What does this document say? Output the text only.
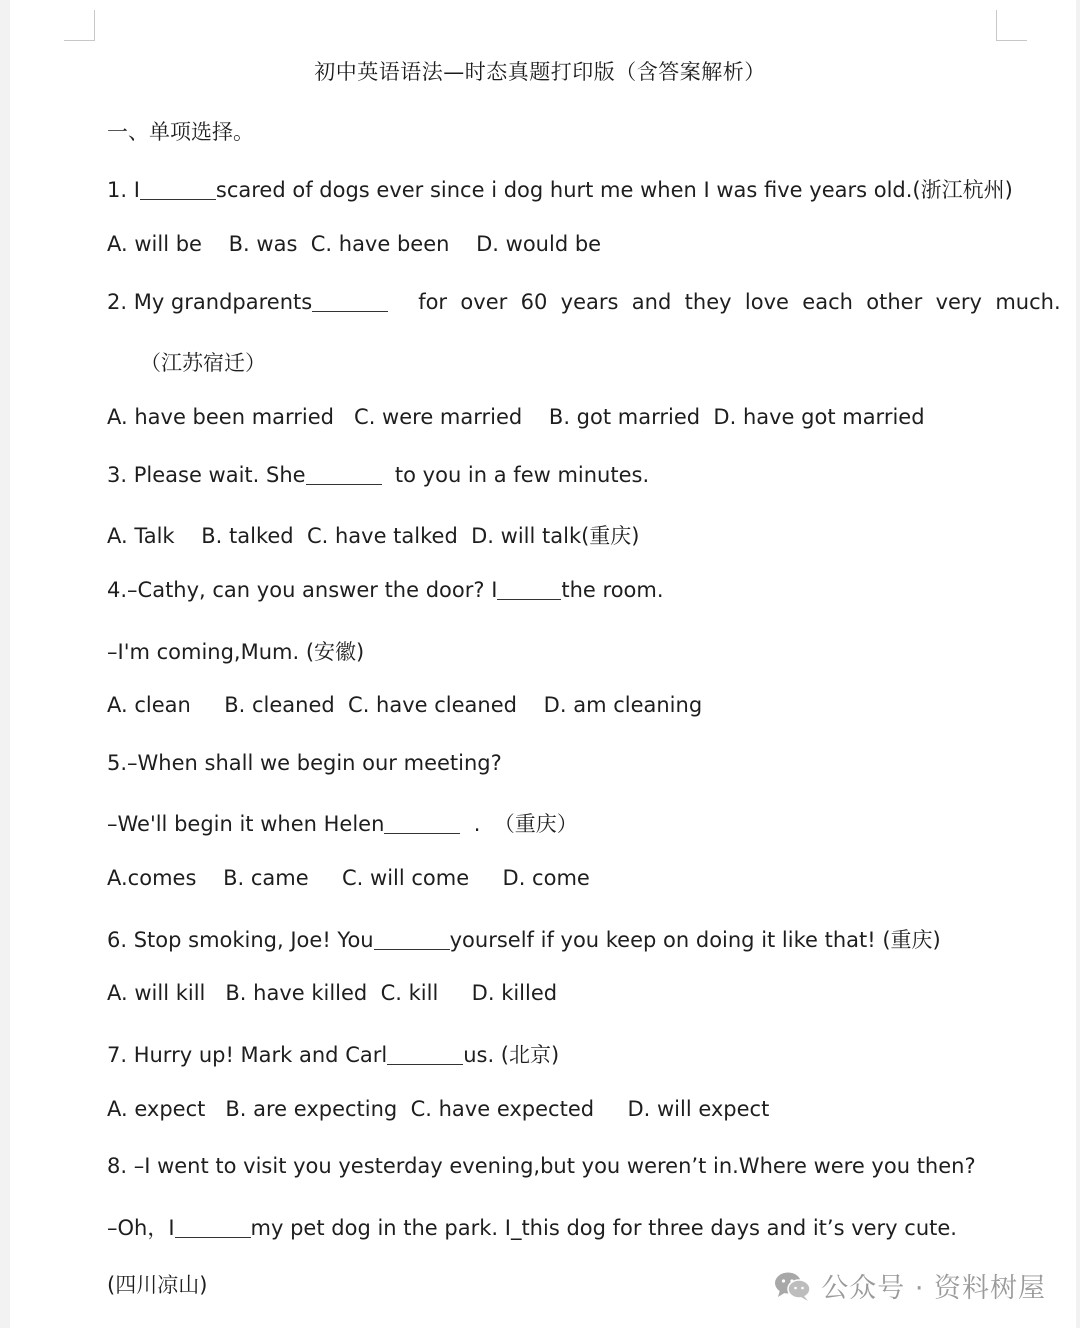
初中英语语法—时态真题打印版（含答案解析）
一、单项选择。
1. I	scared of dogs ever since i dog hurt me when I was five years old.(浙江杭州)
A. will be    B. was  C. have been    D. would be
2. My grandparents	for  over  60  years  and  they  love  each  other  very  much.
（江苏宿迁）
A. have been married   C. were married    B. got married  D. have got married
3. Please wait. She	to you in a few minutes.
A. Talk    B. talked  C. have talked  D. will talk(重庆)
4.–Cathy, can you answer the door? I	the room.
–I'm coming,Mum. (安徽)
A. clean     B. cleaned  C. have cleaned    D. am cleaning
5.–When shall we begin our meeting?
–We'll begin it when Helen	.  （重庆）
A.comes    B. came     C. will come     D. come
6. Stop smoking, Joe! You	yourself if you keep on doing it like that! (重庆)
A. will kill   B. have killed  C. kill     D. killed
7. Hurry up! Mark and Carl	us. (北京)
A. expect   B. are expecting  C. have expected     D. will expect
8. –I went to visit you yesterday evening,but you weren’t in.Where were you then?
–Oh，I	my pet dog in the park. I_this dog for three days and it’s very cute.
(四川凉山)	公众号 · 资料树屋
